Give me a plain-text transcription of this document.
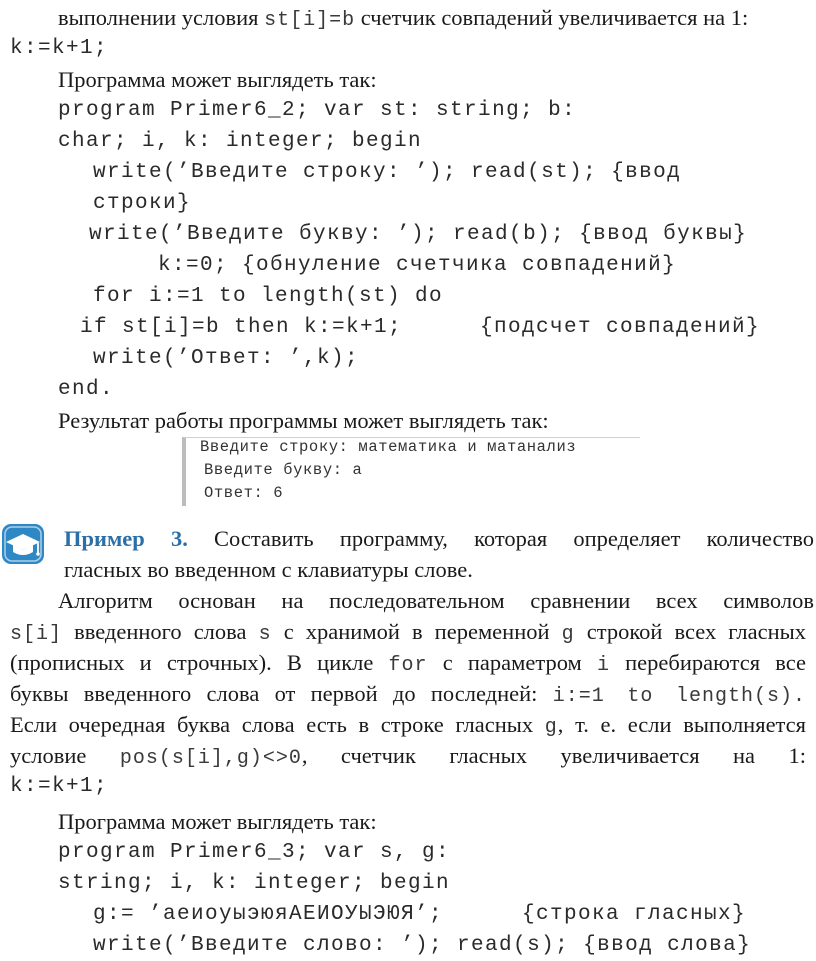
выполнении условия st[i]=b счетчик совпадений увеличивается на 1:
k:=k+1;
Программа может выглядеть так:
program Primer6_2; var st: string; b:
char; i, k: integer; begin
write(’Введите строку: ’); read(st); {ввод
строки}
write(’Введите букву: ’); read(b); {ввод буквы}
k:=0; {обнуление счетчика совпадений}
for i:=1 to length(st) do
if st[i]=b then k:=k+1;	{подсчет совпадений}
write(’Ответ: ’,k);
end.
Результат работы программы может выглядеть так:
Введите строку: математика и матанализ
Введите букву: а
Ответ: 6
Пример 3. Составить программу, которая определяет количество
гласных во введенном с клавиатуры слове.
Алгоритм основан на последовательном сравнении всех символов
s[i] введенного слова s с хранимой в переменной g строкой всех гласных
(прописных и строчных). В цикле for с параметром i перебираются все
буквы введенного слова от первой до последней: i:=1 to length(s).
Если очередная буква слова есть в строке гласных g, т. е. если выполняется
условие pos(s[i],g)<>0, счетчик гласных увеличивается на 1:
k:=k+1;
Программа может выглядеть так:
program Primer6_3; var s, g:
string; i, k: integer; begin
g:= ’аеиоуыэюяАЕИОУЫЭЮЯ’;	{строка гласных}
write(’Введите слово: ’); read(s); {ввод слова}
